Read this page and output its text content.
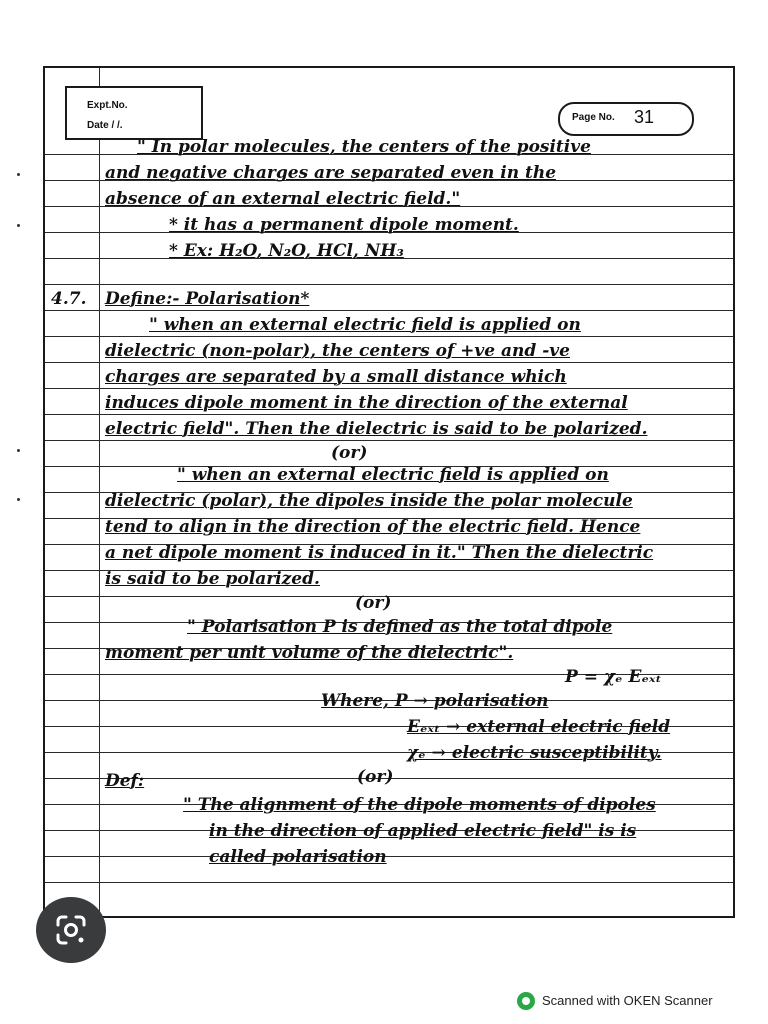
Expt.No.
Date / /.
Page No. 31
" In polar molecules, the centers of the positive
and negative charges are separated even in the
absence of an external electric field."
* it has a permanent dipole moment.
* Ex: H₂O, N₂O, HCl, NH₃
4.7. Define:- Polarisation*
" when an external electric field is applied on
dielectric (non-polar), the centers of +ve and -ve
charges are separated by a small distance which
induces dipole moment in the direction of the external
electric field". Then the dielectric is said to be polarized.
(or)
" when an external electric field is applied on
dielectric (polar), the dipoles inside the polar molecule
tend to align in the direction of the electric field. Hence
a net dipole moment is induced in it." Then the dielectric
is said to be polarized.
(or)
" Polarisation P is defined as the total dipole
moment per unit volume of the dielectric".
P = χₑ Eₑₓₜ
Where, P → polarisation
Eₑₓₜ → external electric field
χₑ → electric susceptibility.
Def:	(or)
" The alignment of the dipole moments of dipoles
in the direction of applied electric field" is is
called polarisation
Scanned with OKEN Scanner
